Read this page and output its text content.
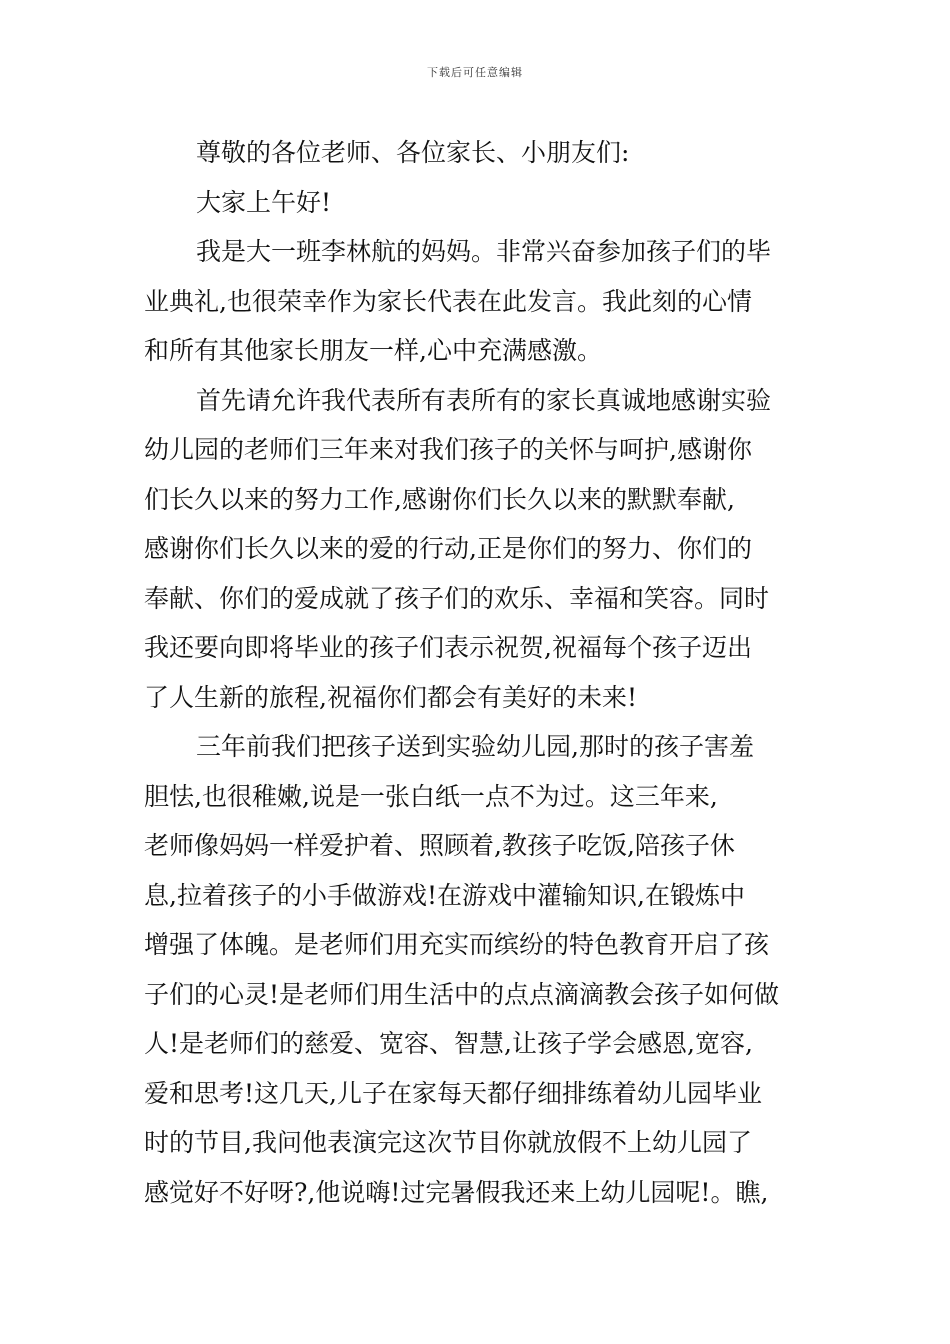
下载后可任意编辑
尊敬的各位老师、各位家长、小朋友们:
大家上午好!
我是大一班李林航的妈妈。非常兴奋参加孩子们的毕
业典礼,也很荣幸作为家长代表在此发言。我此刻的心情
和所有其他家长朋友一样,心中充满感激。
首先请允许我代表所有表所有的家长真诚地感谢实验
幼儿园的老师们三年来对我们孩子的关怀与呵护,感谢你
们长久以来的努力工作,感谢你们长久以来的默默奉献,
感谢你们长久以来的爱的行动,正是你们的努力、你们的
奉献、你们的爱成就了孩子们的欢乐、幸福和笑容。同时
我还要向即将毕业的孩子们表示祝贺,祝福每个孩子迈出
了人生新的旅程,祝福你们都会有美好的未来!
三年前我们把孩子送到实验幼儿园,那时的孩子害羞
胆怯,也很稚嫩,说是一张白纸一点不为过。这三年来,
老师像妈妈一样爱护着、照顾着,教孩子吃饭,陪孩子休
息,拉着孩子的小手做游戏!在游戏中灌输知识,在锻炼中
增强了体魄。是老师们用充实而缤纷的特色教育开启了孩
子们的心灵!是老师们用生活中的点点滴滴教会孩子如何做
人!是老师们的慈爱、宽容、智慧,让孩子学会感恩,宽容,
爱和思考!这几天,儿子在家每天都仔细排练着幼儿园毕业
时的节目,我问他表演完这次节目你就放假不上幼儿园了
感觉好不好呀?,他说嗨!过完暑假我还来上幼儿园呢!。瞧,
